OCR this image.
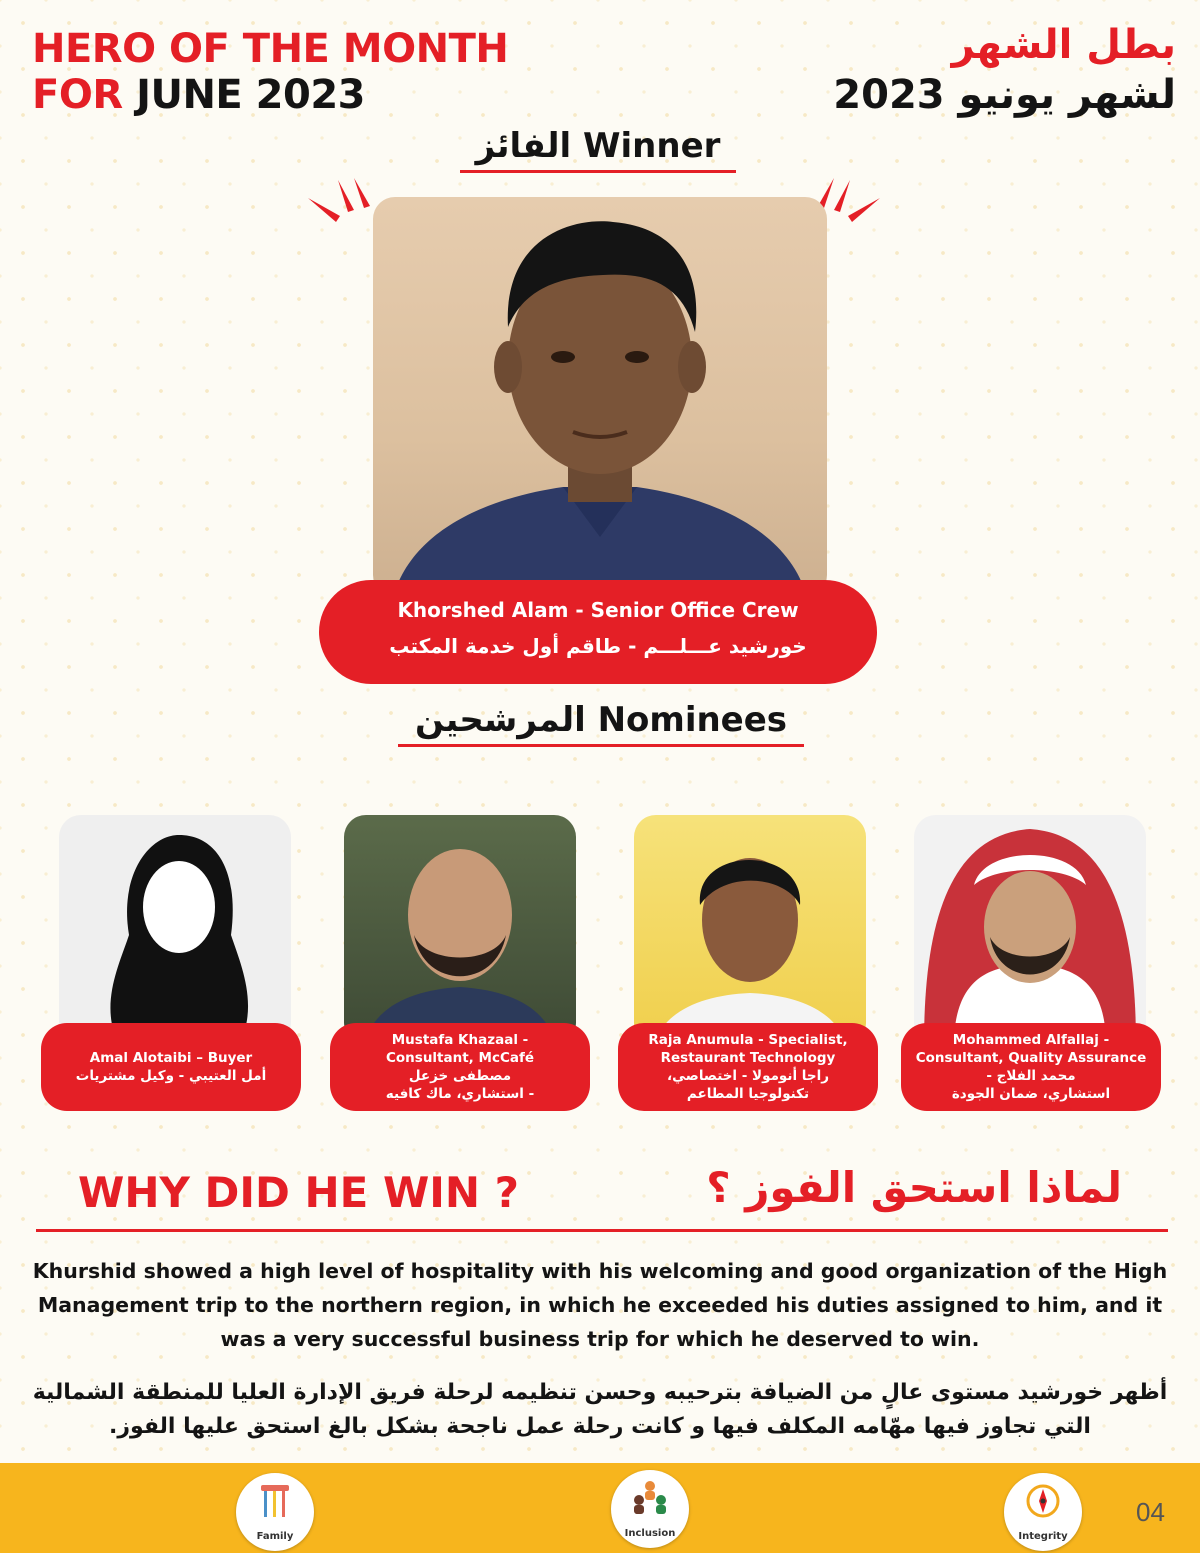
HERO OF THE MONTH
FOR JUNE 2023
بطل الشهر
لشهر يونيو 2023
الفائز Winner
Khorshed Alam - Senior Office Crew
خورشيد عـــلـــم - طاقم أول خدمة المكتب
المرشحين Nominees
Amal Alotaibi – Buyer
أمل العتيبي - وكيل مشتريات
Mustafa Khazaal -
Consultant, McCafé
مصطفى خزعل
- استشاري، ماك كافيه
Raja Anumula - Specialist,
Restaurant Technology
راجا أنوموﻻ - اختصاصي،
تكنولوجيا المطاعم
Mohammed Alfallaj -
Consultant, Quality Assurance
محمد الفلاج -
استشاري، ضمان الجودة
WHY DID HE WIN ?	لماذا استحق الفوز ؟
Khurshid showed a high level of hospitality with his welcoming and good organization of the High Management trip to the northern region, in which he exceeded his duties assigned to him, and it was a very successful business trip for which he deserved to win.
أظهر خورشيد مستوى عالٍ من الضيافة بترحيبه وحسن تنظيمه لرحلة فريق الإدارة العليا للمنطقة الشمالية التي تجاوز فيها مهّامه المكلف فيها و كانت رحلة عمل ناجحة بشكل بالغ استحق عليها الفوز.
Family	Inclusion	Integrity
04
